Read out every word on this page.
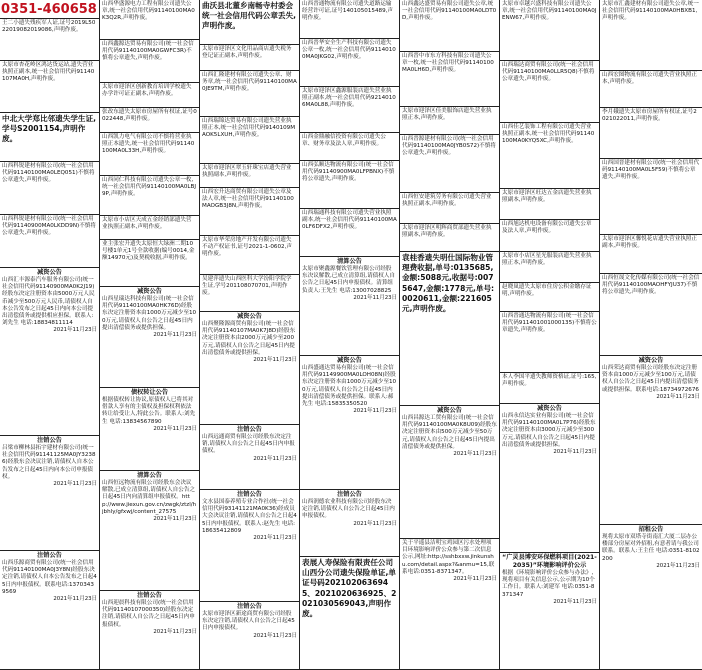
0351-460658
王二小遗失残疾军人证,证号2019L5022019082019086,声明作废。
太原市杏花岭区鸿达货运站,遗失营业执照正副本,统一社会信用代码91140107MA0H,声明作废。
中北大学郑比邻遗失学生证,学号S2001154,声明作废。
山西科锐建材有限公司(统一社会信用代码91140100MA0LEQ051)不慎将公章遗失,声明作废。
山西科锐建材有限公司(统一社会信用代码91140900MA0LKDD9N)不慎将公章遗失,声明作废。
减资公告
山西汇丰源泰汽车服务有限公司(统一社会信用代码91140900MA0K2J19)经股东决定注册资本由5000万元人民币减少至500万元人民币,请债权人自本公告发布之日起45日内向本公司提出清偿债务或提供相应担保。联系人:刘先生 电话:18834811114
2021年11月23日
注销公告
吕梁市柳林县拓宇建材有限公司(统一社会信用代码91141125MA0JY32386)经股东会决议注销,请债权人自本公告发布之日起45日内向本公司申报债权。
2021年11月23日
注销公告
山西乐源商贸有限公司(统一社会信用代码91140100MA0J3Y8N)经股东决定注销,请债权人自本公告发布之日起45日内申报债权。联系电话:13703439569
2021年11月23日
山西华盛源电力工程有限公司遗失公章,统一社会信用代码91140100MA0K3Q2R,声明作废。
山西鑫源达贸易有限公司(统一社会信用代码91140100MA0GWFC3R)不慎将公章遗失,声明作废。
太原市迎泽区创新教育培训学校遗失办学许可证正副本,声明作废。
张改东遗失太原市房屋所有权证,证号0022448,声明作废。
山西凯力电气有限公司不慎将营业执照正本遗失,统一社会信用代码91140100MA0L33H,声明作废。
山西同仁科技有限公司遗失公章一枚,统一社会信用代码91140100MA0LBJ9P,声明作废。
太原市小店区天成五金经销部遗失营业执照正副本,声明作废。
业主张宏升遗失太原恒大绿洲二期10号楼1单元1号全款收据(编号0014,金额14970元)及契税收据,声明作废。
减资公告
山西星瑞达科技有限公司(统一社会信用代码91140100MA0HK76D)经股东决定注册资本由1000万元减少至100万元,请债权人自公告之日起45日内提出清偿债务或提供担保。
2021年11月23日
债权转让公告
根据债权转让协议,原债权人已将其对借款人享有的主债权及担保权利依法转让给受让人,特此公告。联系人:刘先生 电话:13834567890
2021年11月23日
清算公告
山西恒远物流有限公司经股东会决议解散,已成立清算组,请债权人自公告之日起45日内向清算组申报债权。http://www.jiexun.gov.cn/zwgk/ztzl/hjbhly/gfxwj/content_27575
2021年11月23日
注销公告
山西迎晨科技有限公司(统一社会信用代码91140107000350)经股东决定注销,请债权人自公告之日起45日内申报债权。
2021年11月23日
曲沃县北董乡南畅寺村委会统一社会信用代码公章丢失,声明作废。
太原市迎泽区文化用品商店遗失税务登记证正副本,声明作废。
山西汇隆建材有限公司遗失公章、财务章,统一社会信用代码91140100MA0JE9TM,声明作废。
山西瑞锦达贸易有限公司遗失营业执照正本,统一社会信用代码9140109MAOK5LXUH,声明作废。
太原市迎泽区翠玉轩珠宝店遗失营业执照副本,声明作废。
山西宏升达商贸有限公司遗失公章及法人章,统一社会信用代码91140100MAOGB3J8N,声明作废。
太原市华荣房地产开发有限公司遗失不动产权证书,证号2021-1-0602,声明作废。
吴建萍遗失山西医科大学汾阳学院学生证,学号201108070701,声明作废。
减资公告
山西聚隆源商贸有限公司(统一社会信用代码91140107MA0K7J8D)经股东决定注册资本由2000万元减少至200万元,请债权人自公告之日起45日内提出清偿债务或提供担保。
2021年11月23日
注销公告
山西远通商贸有限公司经股东决定注销,请债权人自公告之日起45日内申报债权。
2021年11月23日
注销公告
文水县国泰养殖专业合作社(统一社会信用代码93141121MA0K36)经成员大会决议注销,请债权人自公告之日起45日内申报债权。联系人:赵先生 电话:18635412809
2021年11月23日
注销公告
太原市迎泽区新途商贸有限公司经股东决定注销,请债权人自公告之日起45日内申报债权。
2021年11月23日
山西晋通物流有限公司遗失道路运输经营许可证,证号140105015489,声明作废。
山西晋华安全生产科技有限公司遗失公章一枚,统一社会信用代码91140100MA0JKG02,声明作废。
太原市迎泽区鑫源服装店遗失营业执照正副本,统一社会信用代码92140106MA0L88,声明作废。
山西金鼎融信投资有限公司遗失公章、财务章及法人章,声明作废。
山西弘顺达物流有限公司(统一社会信用代码91140900MA0LFPBNX)不慎将公章遗失,声明作废。
山西瑞通科技有限公司遗失营业执照副本,统一社会信用代码91140100MA0LF6DFX2,声明作废。
清算公告
太原市聚鑫源餐饮管理有限公司经股东决议解散,已成立清算组,请债权人自公告之日起45日内申报债权。清算组负责人:王先生 电话:13007028825
2021年11月23日
减资公告
山西盛通达贸易有限公司(统一社会信用代码91149900MA0LOH08N)经股东决定注册资本由1000万元减少至100万元,请债权人自公告之日起45日内提出清偿债务或提供担保。联系人:郝先生 电话:15835350520
2021年11月23日
注销公告
山西润德农业科技有限公司经股东决定注销,请债权人自公告之日起45日内申报债权。
2021年11月23日
表展人寿保险有限责任公司山西分公司遗失保险单证,单证号码2021020636945、2021020636925、2021030569043,声明作废。
山西鑫达盛贸易有限公司遗失公章,统一社会信用代码91140100MA0LDT0D,声明作废。
山西晋中市东方科技有限公司遗失公章一枚,统一社会信用代码91140100MA0LH6D,声明作废。
太原市迎泽区佳美服饰店遗失营业执照正本,声明作废。
山西晋源建材有限公司(统一社会信用代码91140100MA0JYB0S72)不慎将公章遗失,声明作废。
山西恒安建筑劳务有限公司遗失营业执照正副本,声明作废。
太原市迎泽区明辉商贸部遗失营业执照副本,声明作废。
袁桂香遗失明仕国际物业管理费收据,单号:0135685,金额:5088元,收据号:0075647,金额:1778元,单号:0020611,金额:221605元,声明作废。
减资公告
山西昌源达工贸有限公司(统一社会信用代码91140100MA0K8U09)经股东决定注册资本由500万元减少至50万元,请债权人自公告之日起45日内提出清偿债务或提供担保。
2021年11月23日
关于平遥县洁明宝鸡园区污水处理项目环境影响评价公众参与第二次信息公示,网址:http://sshbxxw.jinkunshu.com/detail.aspx?&anmu=15,联系电话:0351-8371347。
2021年11月23日
太原市卓越兴盛科技有限公司遗失公章,统一社会信用代码91140100MA0JENW67,声明作废。
山西瑞达商贸有限公司(统一社会信用代码91140100MA0LLR5Q8)不慎将公章遗失,声明作废。
山西佳艺装饰工程有限公司遗失营业执照正副本,统一社会信用代码91140100MA0KYQ5XC,声明作废。
太原市迎泽区旺达五金店遗失营业执照副本,声明作废。
山西旭达机电设备有限公司遗失公章及法人章,声明作废。
太原市小店区星光服装店遗失营业执照正本,声明作废。
赵晓岚遗失太原市住房公积金缴存证明,声明作废。
山西晋通达物流有限公司(统一社会信用代码911401001000135)不慎将公章遗失,声明作废。
本人李国平遗失教师资格证,证号:165,声明作废。
减资公告
山西永信达实业有限公司(统一社会信用代码91140100MA0L7P76)经股东决定注册资本由3000万元减少至300万元,请债权人自公告之日起45日内提出清偿债务或提供担保。
2021年11月23日
“广灵县博安环保燃料项目(2021-2035)”环境影响评价公示
根据《环境影响评价公众参与办法》,现将项目有关信息公示,公示期为10个工作日。联系人:刘建军 电话:0351-8371347
2021年11月23日
太原市汇鑫建材有限公司遗失公章,统一社会信用代码91140100MA0HBXB1,声明作废。
山西宏图物流有限公司遗失营业执照正本,声明作废。
李月娥遗失太原市房屋所有权证,证号2021022011,声明作废。
山西国晋建材有限公司(统一社会信用代码91140100MA0L5F59)不慎将公章遗失,声明作废。
太原市迎泽区馨悦花店遗失营业执照正副本,声明作废。
山西恒晟文化传媒有限公司(统一社会信用代码91140100MAOHFYJU37)不慎将公章遗失,声明作废。
减资公告
山西荣达商贸有限公司经股东决定注册资本由1000万元减少至100万元,请债权人自公告之日起45日内提出清偿债务或提供担保。联系电话:18734972676
2021年11月23日
招租公告
现将太原市双塔寺街南汇大厦二层办公楼部分房屋对外招租,有意者请与我公司联系。联系人:王主任 电话:0351-8102200
2021年11月23日
